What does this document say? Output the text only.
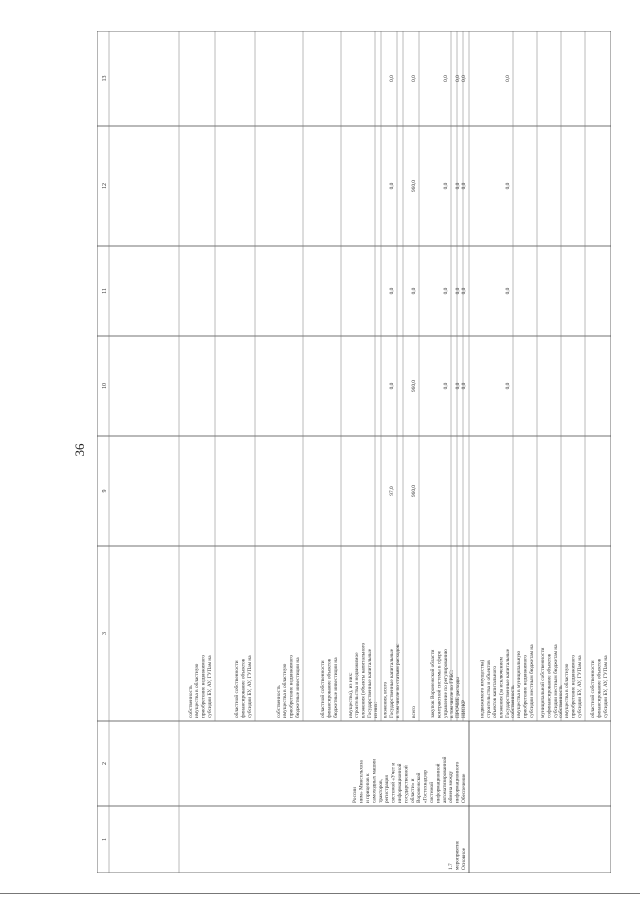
36
13
12
11
10
9
3
2
1
субсидии БУ, АУ, ГУПам на
финансирование объектов
областной собственности
субсидии БУ, АУ, ГУПам на
приобретение недвижимого
имущества в областную
собственность
субсидии местным бюджетам на
софинансирование объектов
муниципальной собственности
субсидии местным бюджетам на
приобретение недвижимого
имущества в муниципальную
собственность
Государственные капитальные
вложения (за исключением
объектов капитального
строительства и объектов
недвижимого имущества)
0,0
0,0
0,0
0,0
НИОКР
0,0
0,0
0,0
0,0
ПРОЧИЕ расходы
0,0
0,0
0,0
0,0
в том числе по ГРБС:
управление по регулированию
контрактной системы в сфере
закупок Воронежской области
0,0
0,0
0,0
0,0
всего
960,0
960,0
0,0
960,0
0,0
в том числе по статьям расходов:
Государственные капитальные
вложения, всего
97,0
0,0
0,0
0,0
0,0
из них:
Государственные капитальные
вложения (объекты капитального
строительства и недвижимое
имущество), из них:
бюджетные инвестиции на
финансирование объектов
областной собственности
бюджетные инвестиции на
приобретение недвижимого
имущества в областную
собственность
субсидии БУ, АУ, ГУПам на
финансирование объектов
областной собственности
субсидии БУ, АУ, ГУПам на
приобретение недвижимого
имущества в областную
собственность
Основное
мероприятие
1.7
Обеспечение
информационного
обмена между
автоматизированной
информационной
системой
«Гостехнадзор
Воронежской
области» и
государственной
информационной
системой «Учет и
регистрация
тракторов,
самоходных машин
и прицепов к
ним» Минсельхоза
России
